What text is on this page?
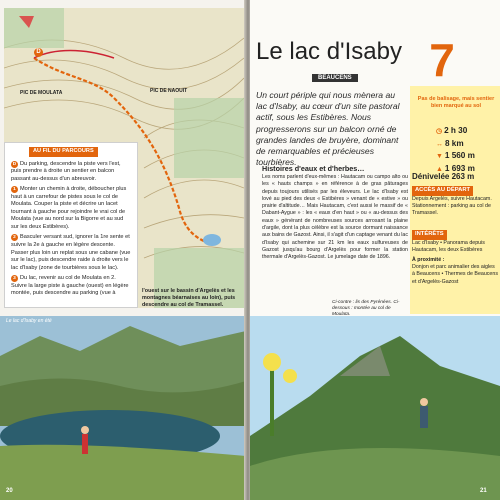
PIC DE MOULATA	PIC DE NAOUIT
D
AU FIL DU PARCOURS

D Du parking, descendre la piste vers l'est, puis prendre à droite un sentier en balcon passant au-dessus d'un abreuvoir.

1 Monter un chemin à droite, déboucher plus haut à un carrefour de pistes sous le col de Moulata. Couper la piste et décrire un lacet tournant à gauche pour rejoindre le vrai col de Moulata (vue au nord sur la Bigorre et au sud sur les deux Estibères).

2 Basculer versant sud, ignorer la 1re sente et suivre la 2e à gauche en légère descente. Passer plus loin un replat sous une cabane (vue sur le lac), puis descendre raide à droite vers le lac d'Isaby (zone de tourbières sous le lac).

3 Du lac, revenir au col de Moulata en 2. Suivre la large piste à gauche (ouest) en légère montée, puis descendre au parking (vue à	l'ouest sur le bassin d'Argelès et les montagnes béarnaises au loin), puis descendre au col de Tramassel.
Le lac d'Isaby en été
20
Le lac d'Isaby
BEAUCENS 7
Un court périple qui nous mènera au lac d'Isaby, au cœur d'un site pastoral actif, sous les Estibères. Nous progresserons sur un balcon orné de grandes landes de bruyère, dominant de remarquables et précieuses tourbières.
Histoires d'eaux et d'herbes…
Les noms parlent d'eux-mêmes : Hautacam ou campo alto ou les « hauts champs » en référence à de gras pâturages depuis toujours utilisés par les éleveurs. Le lac d'Isaby est lové au pied des deux « Estibères » venant de « estive » ou prairie d'altitude… Mais Hautacam, c'est aussi le massif de « Dabant-Aygue » : les « eaux d'en haut » ou « au-dessus des eaux » générant de nombreuses sources arrosant la plaine d'argile, dont la plus célèbre est la source dormant naissance aux bains de Gazost. Ainsi, il s'agit d'un captage venant du lac d'Isaby qui achemine sur 21 km les eaux sulfureuses de Gazost jusqu'au bourg d'Argelès pour former la station thermale d'Argelès-Gazost. Le jumelage date de 1896.
Pas de balisage, mais sentier bien marqué au sol
◷ 2 h 30
↔ 8 km
▼ 1 560 m
▲ 1 693 m
Dénivelée 263 m
ACCÈS AU DÉPART
Depuis Argelès, suivre Hautacam. Stationnement : parking au col de Tramassel.
INTÉRÊTS
Lac d'Isaby • Panorama depuis Hautacam, les deux Estibères
À proximité :
Donjon et parc animalier des aigles à Beaucens • Thermes de Beaucens et d'Argelès-Gazost
Ci-contre : lis des Pyrénées. Ci-dessous : montée au col de Moulata.
21
